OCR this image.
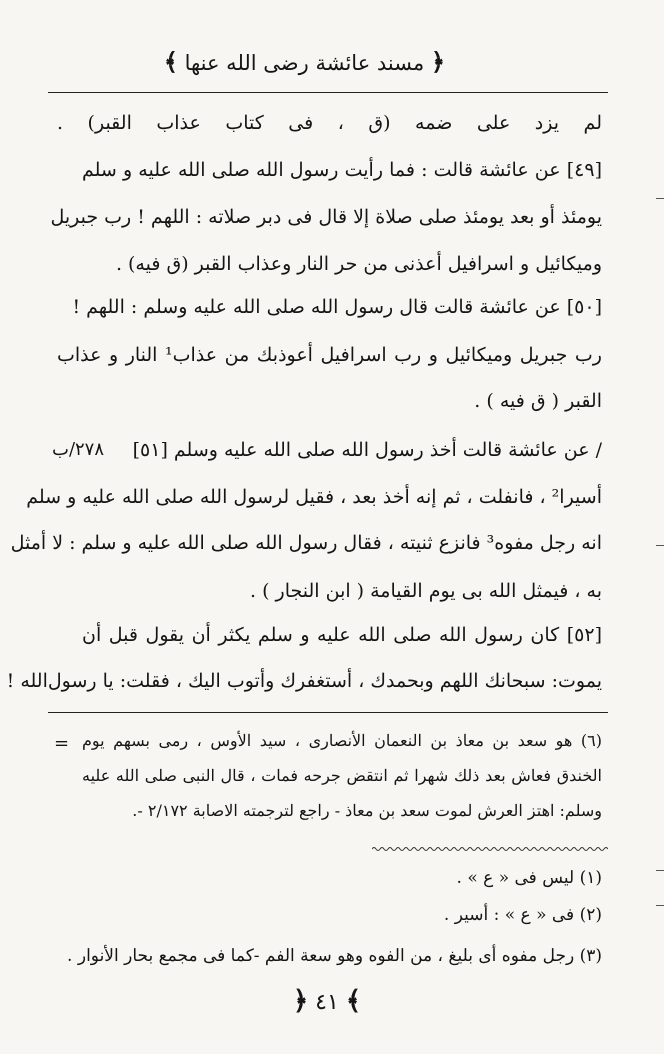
﴿ مسند عائشة رضى الله عنها ﴾
لم يزد على ضمه (ق ، فى كتاب عذاب القبر) .
[٤٩] عن عائشة قالت : فما رأيت رسول الله صلى الله عليه و سلم
يومئذ أو بعد يومئذ صلى صلاة إلا قال فى دبر صلاته : اللهم ! رب جبريل
وميكائيل و اسرافيل أعذنى من حر النار وعذاب القبر (ق فيه) .
[٥٠] عن عائشة قالت قال رسول الله صلى الله عليه وسلم : اللهم !
رب جبريل وميكائيل و رب اسرافيل أعوذبك من عذاب¹ النار و عذاب
القبر ( ق فيه ) .
/ عن عائشة قالت أخذ رسول الله صلى الله عليه وسلم [٥١]
٢٧٨/ب
أسيرا² ، فانفلت ، ثم إنه أخذ بعد ، فقيل لرسول الله صلى الله عليه و سلم
انه رجل مفوه³ فانزع ثنيته ، فقال رسول الله صلى الله عليه و سلم : لا أمثل
به ، فيمثل الله بى يوم القيامة ( ابن النجار ) .
[٥٢] كان رسول الله صلى الله عليه و سلم يكثر أن يقول قبل أن
يموت: سبحانك اللهم وبحمدك ، أستغفرك وأتوب اليك ، فقلت: يا رسول‌الله !
= (٦) هو سعد بن معاذ بن النعمان الأنصارى ، سيد الأوس ، رمى بسهم يوم
الخندق فعاش بعد ذلك شهرا ثم انتقض جرحه فمات ، قال النبى صلى الله عليه
وسلم: اهتز العرش لموت سعد بن معاذ - راجع لترجمته الاصابة ٢/١٧٢ -.
(١) ليس فى « ع » .
(٢) فى « ع » : أسير .
(٣) رجل مفوه أى بليغ ، من الفوه وهو سعة الفم -كما فى مجمع بحار الأنوار .
﴿ ٤١ ﴾
